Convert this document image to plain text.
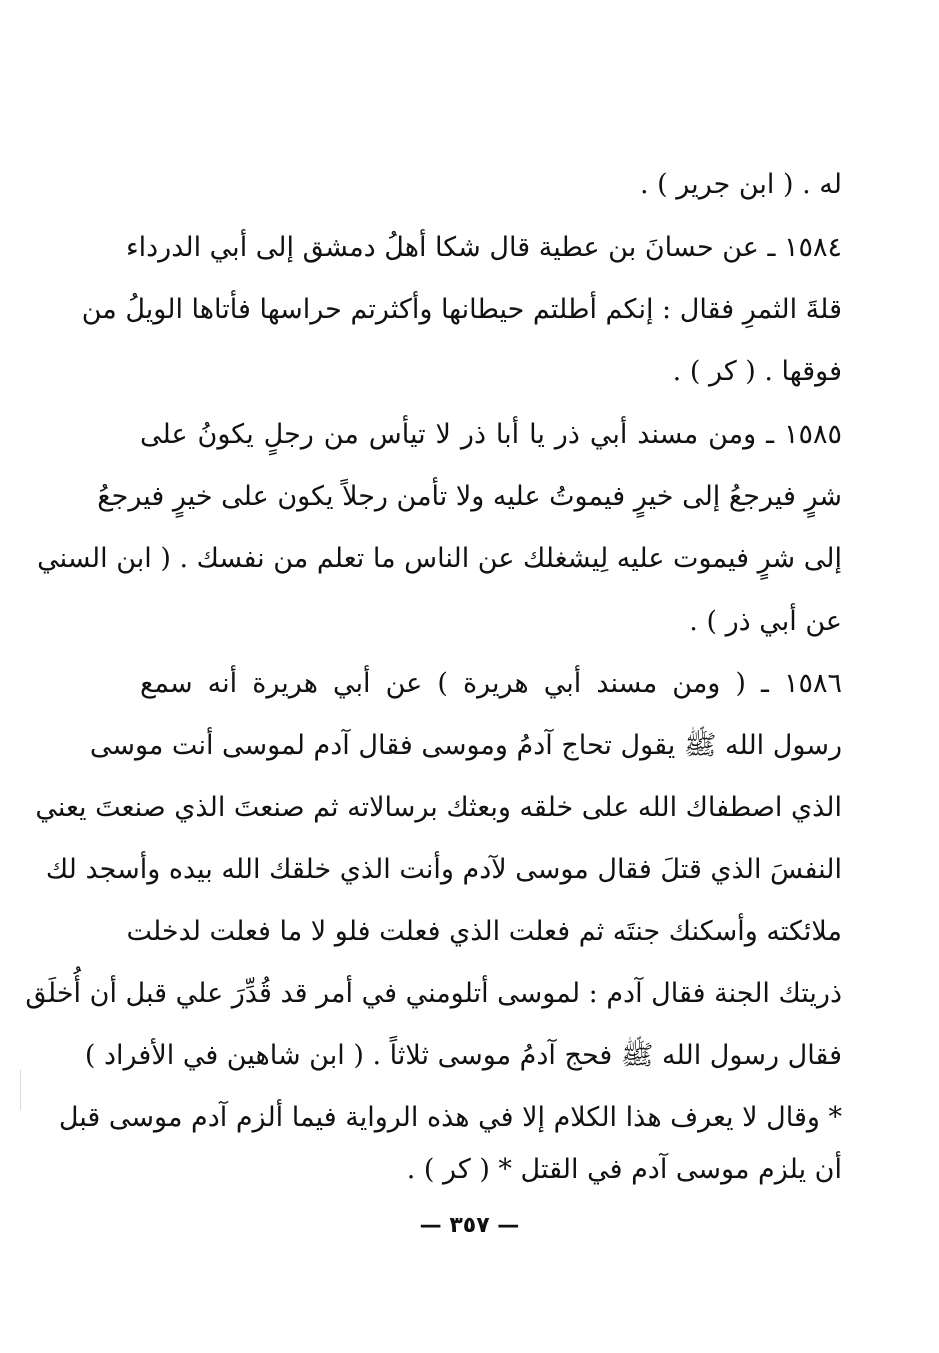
له . ( ابن جرير ) .
١٥٨٤ ـ عن حسانَ بن عطية قال شكا أهلُ دمشق إلى أبي الدرداء
قلةَ الثمرِ فقال : إنكم أطلتم حيطانها وأكثرتم حراسها فأتاها الويلُ من
فوقها . ( كر ) .
١٥٨٥ ـ ومن مسند أبي ذر يا أبا ذر لا تيأس من رجلٍ يكونُ على
شرٍ فيرجعُ إلى خيرٍ فيموتُ عليه ولا تأمن رجلاً يكون على خيرٍ فيرجعُ
إلى شرٍ فيموت عليه لِيشغلك عن الناس ما تعلم من نفسك . ( ابن السني
عن أبي ذر ) .
١٥٨٦ ـ ( ومن مسند أبي هريرة ) عن أبي هريرة أنه سمع
رسول الله ﷺ يقول تحاج آدمُ وموسى فقال آدم لموسى أنت موسى
الذي اصطفاك الله على خلقه وبعثك برسالاته ثم صنعتَ الذي صنعتَ يعني
النفسَ الذي قتلَ فقال موسى لآدم وأنت الذي خلقك الله بيده وأسجد لك
ملائكته وأسكنك جنتَه ثم فعلت الذي فعلت فلو لا ما فعلت لدخلت
ذريتك الجنة فقال آدم : لموسى أتلومني في أمر قد قُدِّرَ علي قبل أن أُخلَق
فقال رسول الله ﷺ فحج آدمُ موسى ثلاثاً . ( ابن شاهين في الأفراد )
* وقال لا يعرف هذا الكلام إلا في هذه الرواية فيما ألزم آدم موسى قبل
أن يلزم موسى آدم في القتل * ( كر ) .
— ٣٥٧ —
